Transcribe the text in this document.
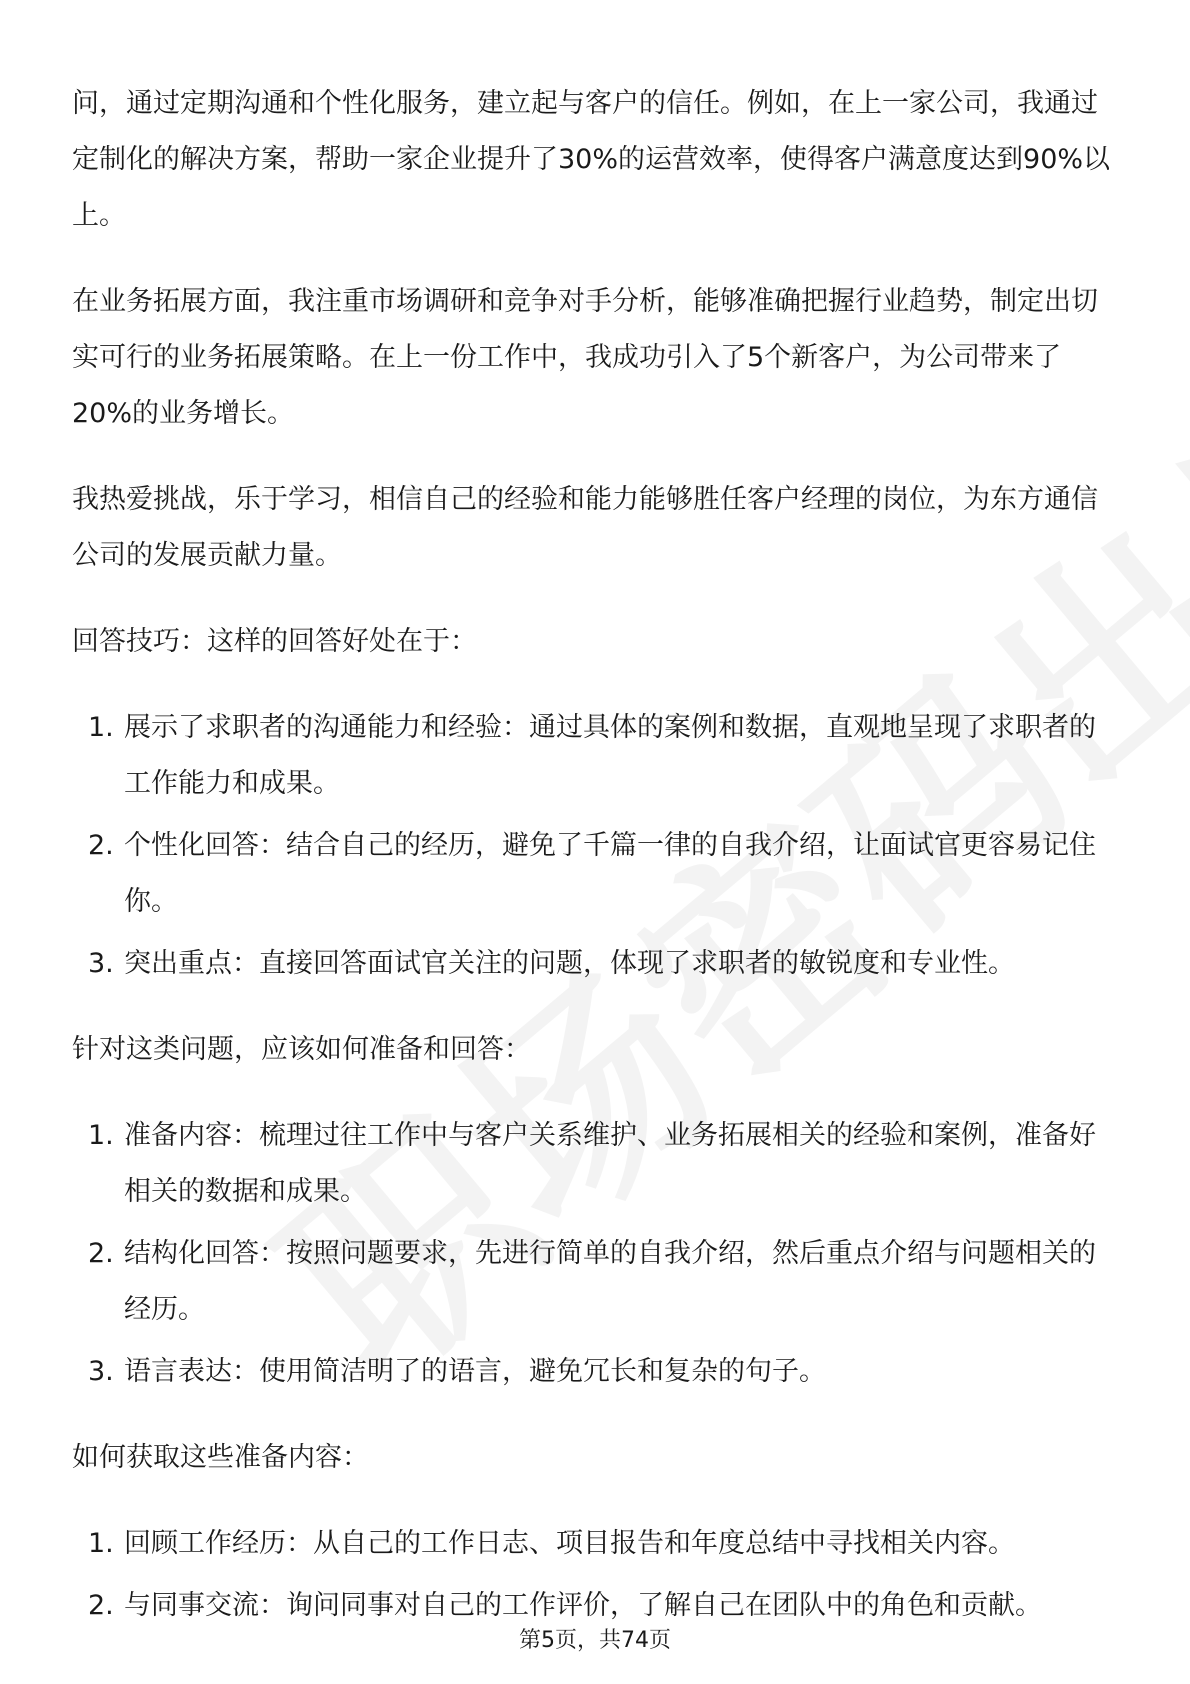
问，通过定期沟通和个性化服务，建立起与客户的信任。例如，在上一家公司，我通过定制化的解决方案，帮助一家企业提升了30%的运营效率，使得客户满意度达到90%以上。

在业务拓展方面，我注重市场调研和竞争对手分析，能够准确把握行业趋势，制定出切实可行的业务拓展策略。在上一份工作中，我成功引入了5个新客户，为公司带来了20%的业务增长。

我热爱挑战，乐于学习，相信自己的经验和能力能够胜任客户经理的岗位，为东方通信公司的发展贡献力量。

回答技巧：这样的回答好处在于：

1. 展示了求职者的沟通能力和经验：通过具体的案例和数据，直观地呈现了求职者的工作能力和成果。
2. 个性化回答：结合自己的经历，避免了千篇一律的自我介绍，让面试官更容易记住你。
3. 突出重点：直接回答面试官关注的问题，体现了求职者的敏锐度和专业性。

针对这类问题，应该如何准备和回答：

1. 准备内容：梳理过往工作中与客户关系维护、业务拓展相关的经验和案例，准备好相关的数据和成果。
2. 结构化回答：按照问题要求，先进行简单的自我介绍，然后重点介绍与问题相关的经历。
3. 语言表达：使用简洁明了的语言，避免冗长和复杂的句子。

如何获取这些准备内容：

1. 回顾工作经历：从自己的工作日志、项目报告和年度总结中寻找相关内容。
2. 与同事交流：询问同事对自己的工作评价，了解自己在团队中的角色和贡献。
第5页，共74页
